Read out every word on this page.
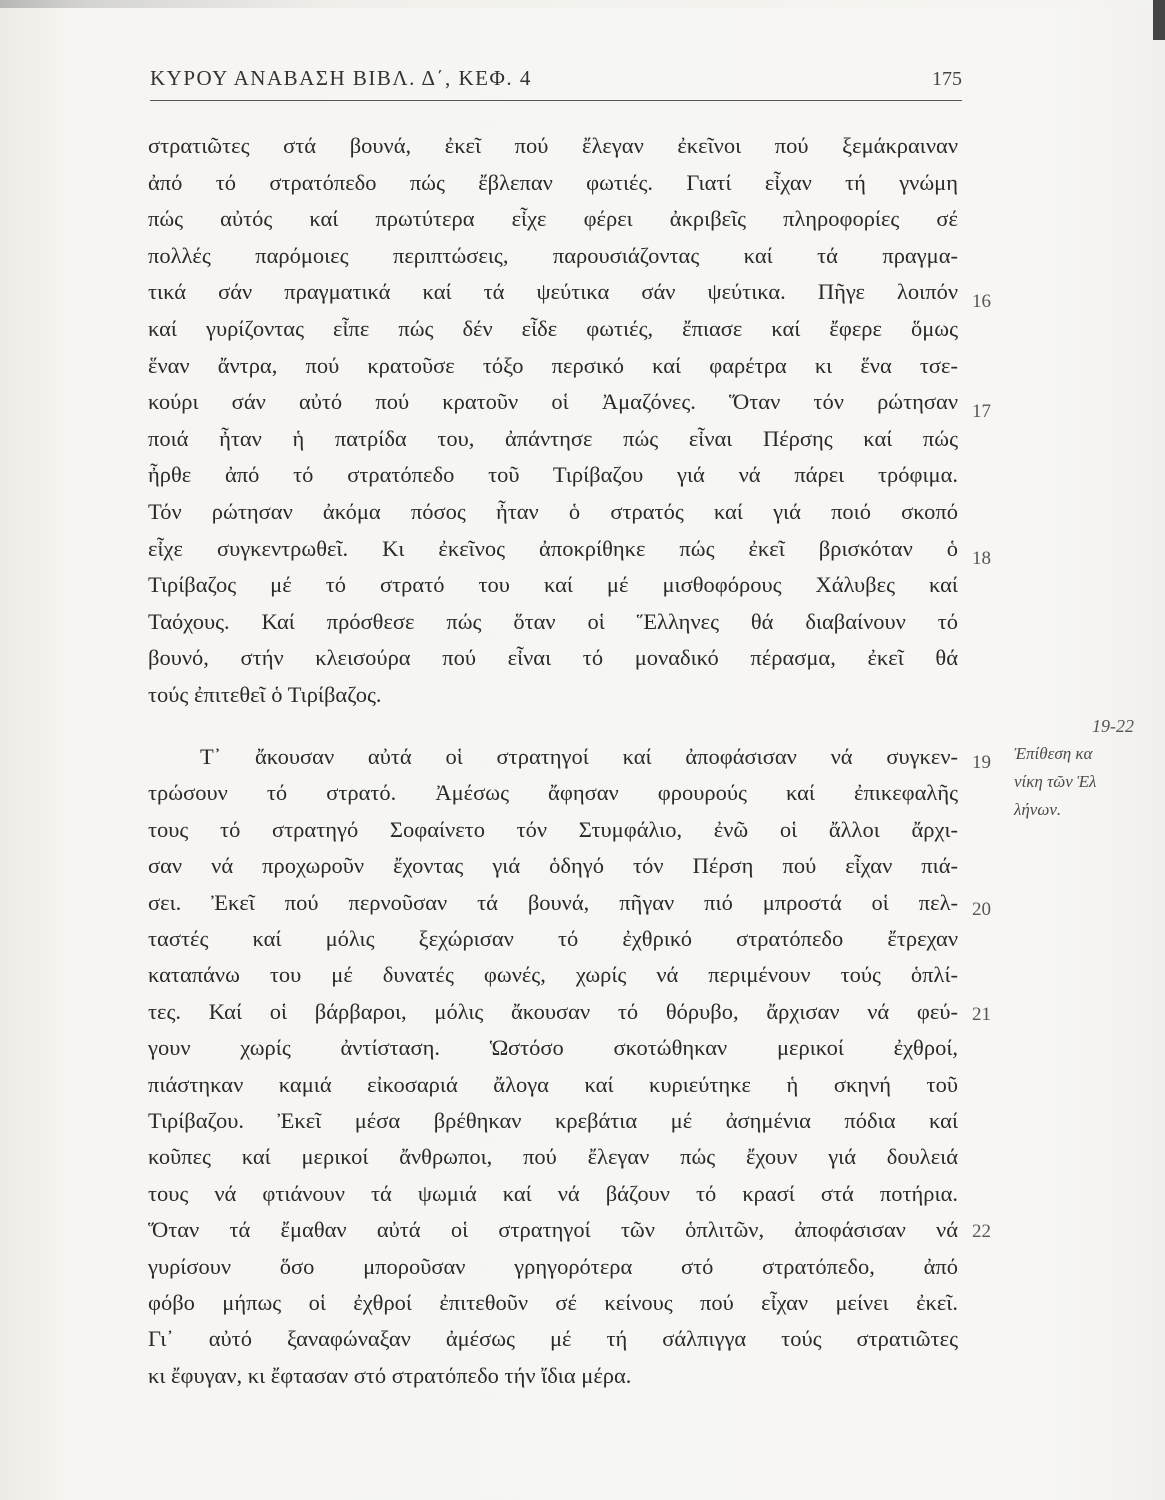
ΚΥΡΟΥ ΑΝΑΒΑΣΗ ΒΙΒΛ. Δ΄, ΚΕΦ. 4	175
στρατιῶτες στά βουνά, ἐκεῖ πού ἔλεγαν ἐκεῖνοι πού ξεμάκραιναν
ἀπό τό στρατόπεδο πώς ἔβλεπαν φωτιές. Γιατί εἶχαν τή γνώμη
πώς αὐτός καί πρωτύτερα εἶχε φέρει ἀκριβεῖς πληροφορίες σέ
πολλές παρόμοιες περιπτώσεις, παρουσιάζοντας καί τά πραγμα-
τικά σάν πραγματικά καί τά ψεύτικα σάν ψεύτικα. Πῆγε λοιπόν
καί γυρίζοντας εἶπε πώς δέν εἶδε φωτιές, ἔπιασε καί ἔφερε ὅμως
ἕναν ἄντρα, πού κρατοῦσε τόξο περσικό καί φαρέτρα κι ἕνα τσε-
κούρι σάν αὐτό πού κρατοῦν οἱ Ἀμαζόνες. Ὅταν τόν ρώτησαν
ποιά ἦταν ἡ πατρίδα του, ἀπάντησε πώς εἶναι Πέρσης καί πώς
ἦρθε ἀπό τό στρατόπεδο τοῦ Τιρίβαζου γιά νά πάρει τρόφιμα.
Τόν ρώτησαν ἀκόμα πόσος ἦταν ὁ στρατός καί γιά ποιό σκοπό
εἶχε συγκεντρωθεῖ. Κι ἐκεῖνος ἀποκρίθηκε πώς ἐκεῖ βρισκόταν ὁ
Τιρίβαζος μέ τό στρατό του καί μέ μισθοφόρους Χάλυβες καί
Ταόχους. Καί πρόσθεσε πώς ὅταν οἱ Ἕλληνες θά διαβαίνουν τό
βουνό, στήν κλεισούρα πού εἶναι τό μοναδικό πέρασμα, ἐκεῖ θά
τούς ἐπιτεθεῖ ὁ Τιρίβαζος.
Τ᾽ ἄκουσαν αὐτά οἱ στρατηγοί καί ἀποφάσισαν νά συγκεν-
τρώσουν τό στρατό. Ἀμέσως ἄφησαν φρουρούς καί ἐπικεφαλῆς
τους τό στρατηγό Σοφαίνετο τόν Στυμφάλιο, ἐνῶ οἱ ἄλλοι ἄρχι-
σαν νά προχωροῦν ἔχοντας γιά ὁδηγό τόν Πέρση πού εἶχαν πιά-
σει. Ἐκεῖ πού περνοῦσαν τά βουνά, πῆγαν πιό μπροστά οἱ πελ-
ταστές καί μόλις ξεχώρισαν τό ἐχθρικό στρατόπεδο ἔτρεχαν
καταπάνω του μέ δυνατές φωνές, χωρίς νά περιμένουν τούς ὁπλί-
τες. Καί οἱ βάρβαροι, μόλις ἄκουσαν τό θόρυβο, ἄρχισαν νά φεύ-
γουν χωρίς ἀντίσταση. Ὡστόσο σκοτώθηκαν μερικοί ἐχθροί,
πιάστηκαν καμιά εἰκοσαριά ἄλογα καί κυριεύτηκε ἡ σκηνή τοῦ
Τιρίβαζου. Ἐκεῖ μέσα βρέθηκαν κρεβάτια μέ ἀσημένια πόδια καί
κοῦπες καί μερικοί ἄνθρωποι, πού ἔλεγαν πώς ἔχουν γιά δουλειά
τους νά φτιάνουν τά ψωμιά καί νά βάζουν τό κρασί στά ποτήρια.
Ὅταν τά ἔμαθαν αὐτά οἱ στρατηγοί τῶν ὁπλιτῶν, ἀποφάσισαν νά
γυρίσουν ὅσο μποροῦσαν γρηγορότερα στό στρατόπεδο, ἀπό
φόβο μήπως οἱ ἐχθροί ἐπιτεθοῦν σέ κείνους πού εἶχαν μείνει ἐκεῖ.
Γι᾽ αὐτό ξαναφώναξαν ἀμέσως μέ τή σάλπιγγα τούς στρατιῶτες
κι ἔφυγαν, κι ἔφτασαν στό στρατόπεδο τήν ἴδια μέρα.
16
17
18
19
20
21
22
19-22
Ἐπίθεση κα
νίκη τῶν Ἑλ
λήνων.
